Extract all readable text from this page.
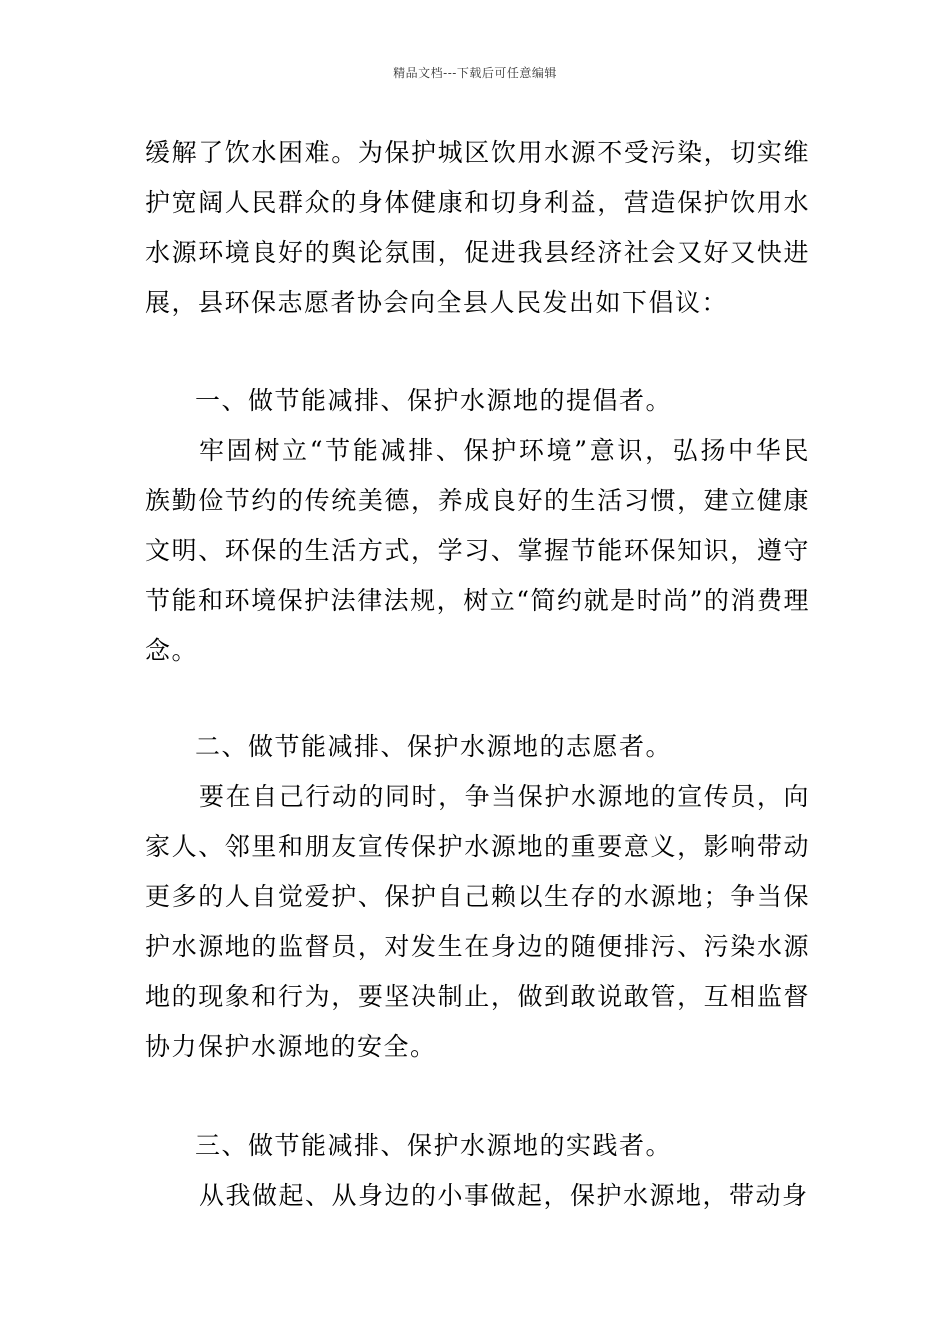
精品文档---下载后可任意编辑

缓解了饮水困难。为保护城区饮用水源不受污染，切实维护宽阔人民群众的身体健康和切身利益，营造保护饮用水水源环境良好的舆论氛围，促进我县经济社会又好又快进展，县环保志愿者协会向全县人民发出如下倡议：

一、做节能减排、保护水源地的提倡者。

牢固树立“节能减排、保护环境”意识，弘扬中华民族勤俭节约的传统美德，养成良好的生活习惯，建立健康文明、环保的生活方式，学习、掌握节能环保知识，遵守节能和环境保护法律法规，树立“简约就是时尚”的消费理念。

二、做节能减排、保护水源地的志愿者。

要在自己行动的同时，争当保护水源地的宣传员，向家人、邻里和朋友宣传保护水源地的重要意义，影响带动更多的人自觉爱护、保护自己赖以生存的水源地；争当保护水源地的监督员，对发生在身边的随便排污、污染水源地的现象和行为，要坚决制止，做到敢说敢管，互相监督协力保护水源地的安全。

三、做节能减排、保护水源地的实践者。

从我做起、从身边的小事做起，保护水源地，带动身
